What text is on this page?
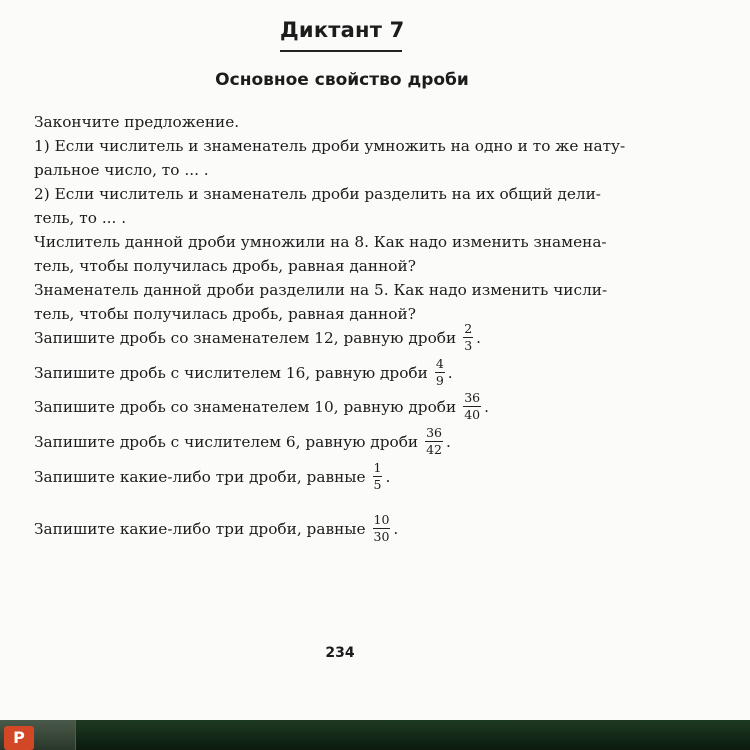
Диктант 7
Основное свойство дроби
Закончите предложение.
1) Если числитель и знаменатель дроби умножить на одно и то же нату-
ральное число, то ... .
2) Если числитель и знаменатель дроби разделить на их общий дели-
тель, то ... .
Числитель данной дроби умножили на 8. Как надо изменить знамена-
тель, чтобы получилась дробь, равная данной?
Знаменатель данной дроби разделили на 5. Как надо изменить числи-
тель, чтобы получилась дробь, равная данной?
Запишите дробь со знаменателем 12, равную дроби $\frac{2}{3}$ .
Запишите дробь с числителем 16, равную дроби $\frac{4}{9}$ .
Запишите дробь со знаменателем 10, равную дроби $\frac{36}{40}$ .
Запишите дробь с числителем 6, равную дроби $\frac{36}{42}$ .
Запишите какие-либо три дроби, равные $\frac{1}{5}$ .
Запишите какие-либо три дроби, равные $\frac{10}{30}$ .
234
P
